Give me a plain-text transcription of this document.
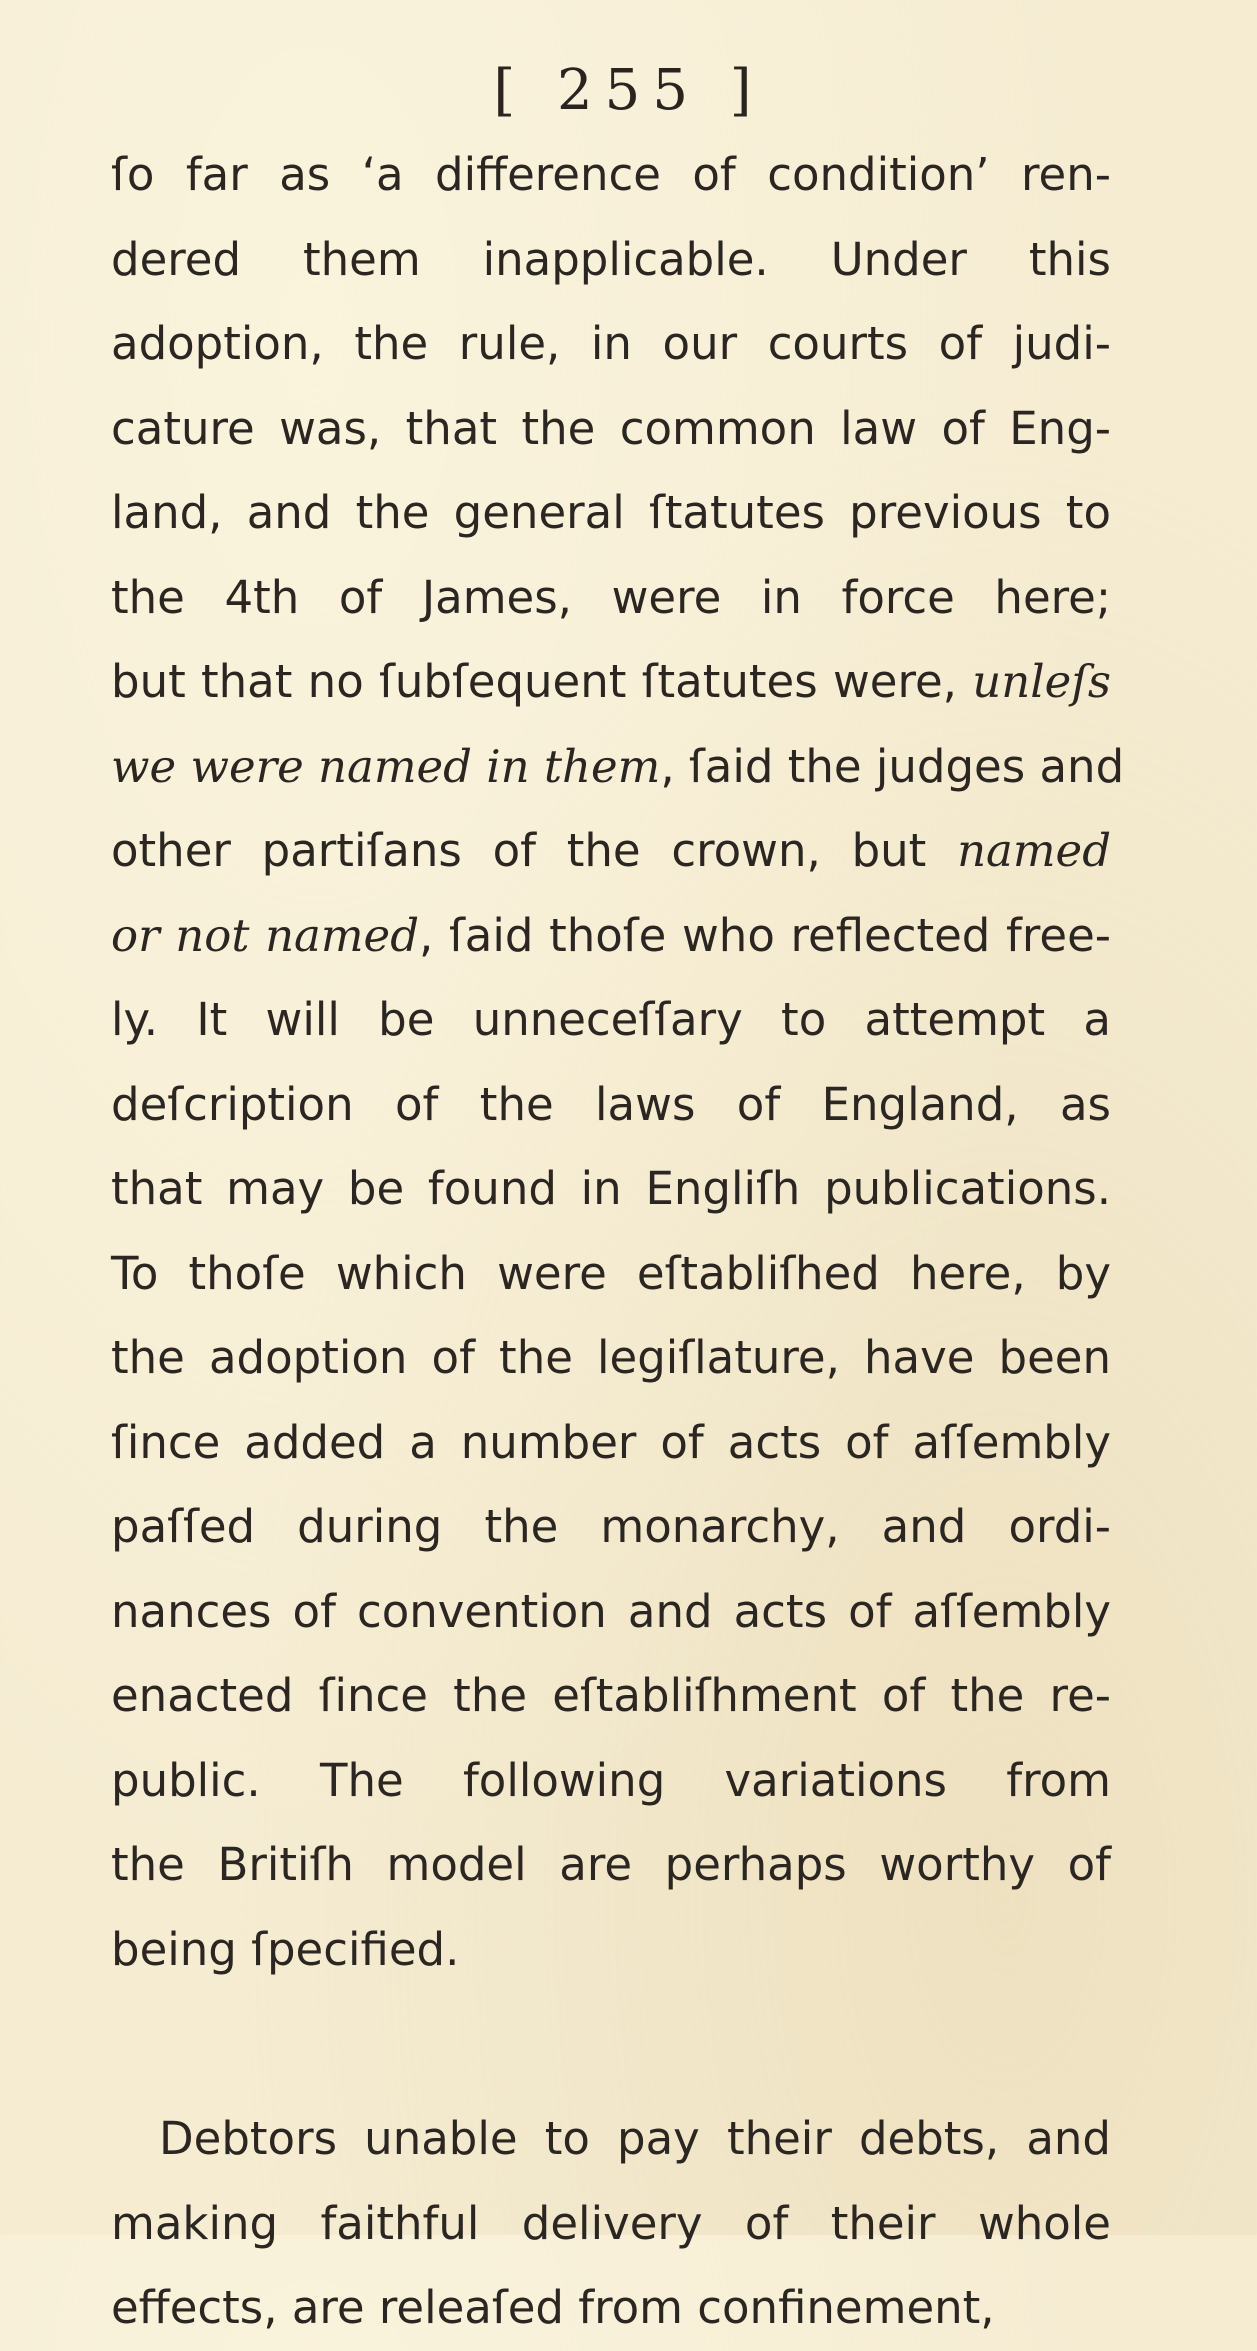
[ 255 ]
ſo far as ‘a difference of condition’ ren-
dered them inapplicable. Under this
adoption, the rule, in our courts of judi-
cature was, that the common law of Eng-
land, and the general ſtatutes previous to
the 4th of James, were in force here;
but that no ſubſequent ſtatutes were, unleſs
we were named in them, ſaid the judges and
other partiſans of the crown, but named
or not named, ſaid thoſe who reflected free-
ly. It will be unneceſſary to attempt a
deſcription of the laws of England, as
that may be found in Engliſh publications.
To thoſe which were eſtabliſhed here, by
the adoption of the legiſlature, have been
ſince added a number of acts of aſſembly
paſſed during the monarchy, and ordi-
nances of convention and acts of aſſembly
enacted ſince the eſtabliſhment of the re-
public. The following variations from
the Britiſh model are perhaps worthy of
being ſpecified.
Debtors unable to pay their debts, and
making faithful delivery of their whole
effects, are releaſed from confinement,
